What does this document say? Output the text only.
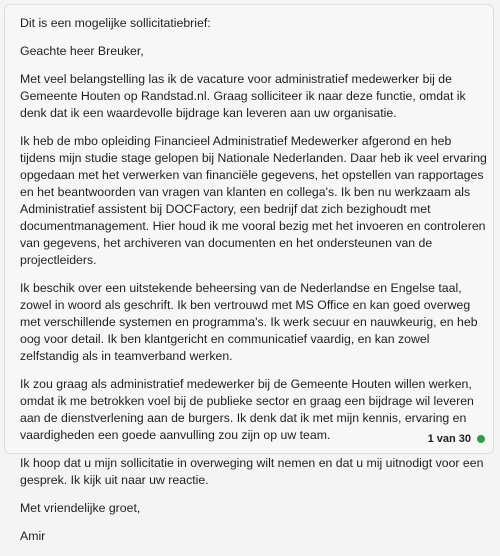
Dit is een mogelijke sollicitatiebrief:

Geachte heer Breuker,

Met veel belangstelling las ik de vacature voor administratief medewerker bij de Gemeente Houten op Randstad.nl. Graag solliciteer ik naar deze functie, omdat ik denk dat ik een waardevolle bijdrage kan leveren aan uw organisatie.

Ik heb de mbo opleiding Financieel Administratief Medewerker afgerond en heb tijdens mijn studie stage gelopen bij Nationale Nederlanden. Daar heb ik veel ervaring opgedaan met het verwerken van financiële gegevens, het opstellen van rapportages en het beantwoorden van vragen van klanten en collega's. Ik ben nu werkzaam als Administratief assistent bij DOCFactory, een bedrijf dat zich bezighoudt met documentmanagement. Hier houd ik me vooral bezig met het invoeren en controleren van gegevens, het archiveren van documenten en het ondersteunen van de projectleiders.

Ik beschik over een uitstekende beheersing van de Nederlandse en Engelse taal, zowel in woord als geschrift. Ik ben vertrouwd met MS Office en kan goed overweg met verschillende systemen en programma's. Ik werk secuur en nauwkeurig, en heb oog voor detail. Ik ben klantgericht en communicatief vaardig, en kan zowel zelfstandig als in teamverband werken.

Ik zou graag als administratief medewerker bij de Gemeente Houten willen werken, omdat ik me betrokken voel bij de publieke sector en graag een bijdrage wil leveren aan de dienstverlening aan de burgers. Ik denk dat ik met mijn kennis, ervaring en vaardigheden een goede aanvulling zou zijn op uw team.

Ik hoop dat u mijn sollicitatie in overweging wilt nemen en dat u mij uitnodigt voor een gesprek. Ik kijk uit naar uw reactie.

Met vriendelijke groet,

Amir

1 van 30
